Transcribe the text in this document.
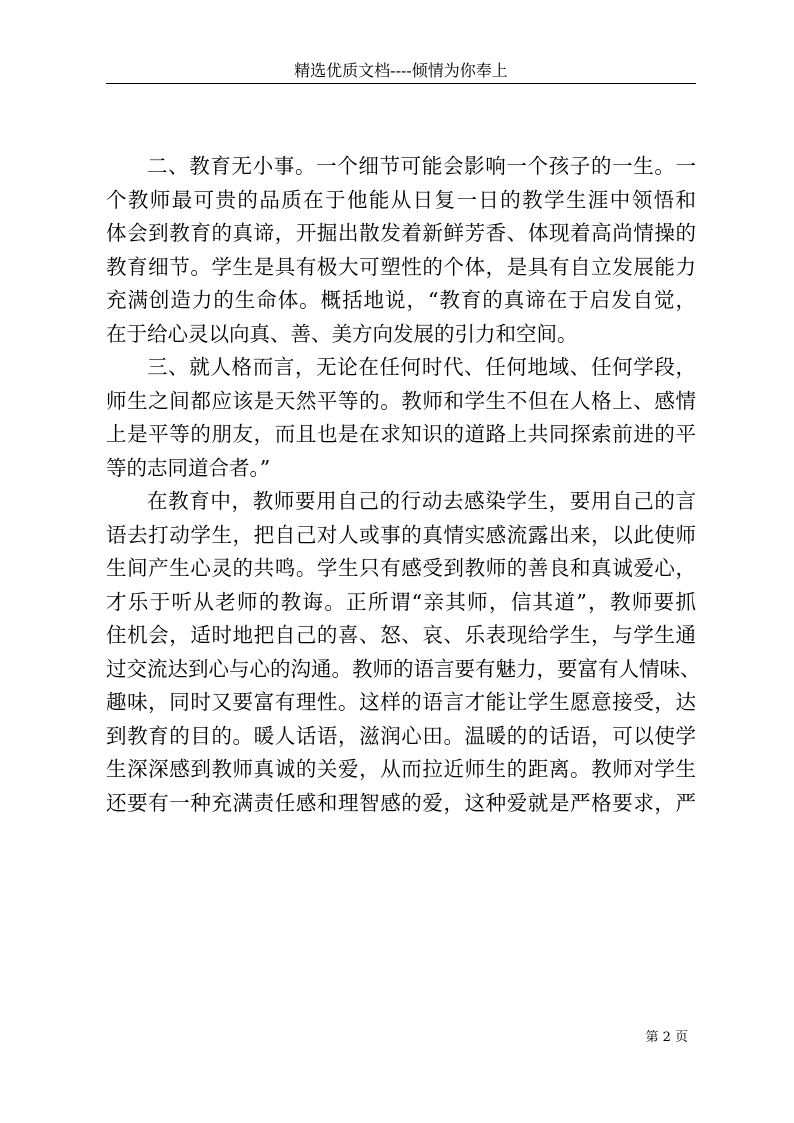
精选优质文档----倾情为你奉上
二、教育无小事。一个细节可能会影响一个孩子的一生。一
个教师最可贵的品质在于他能从日复一日的教学生涯中领悟和
体会到教育的真谛，开掘出散发着新鲜芳香、体现着高尚情操的
教育细节。学生是具有极大可塑性的个体，是具有自立发展能力
充满创造力的生命体。概括地说，“教育的真谛在于启发自觉，
在于给心灵以向真、善、美方向发展的引力和空间。
三、就人格而言，无论在任何时代、任何地域、任何学段，
师生之间都应该是天然平等的。教师和学生不但在人格上、感情
上是平等的朋友，而且也是在求知识的道路上共同探索前进的平
等的志同道合者。”
在教育中，教师要用自己的行动去感染学生，要用自己的言
语去打动学生，把自己对人或事的真情实感流露出来，以此使师
生间产生心灵的共鸣。学生只有感受到教师的善良和真诚爱心，
才乐于听从老师的教诲。正所谓“亲其师，信其道”，教师要抓
住机会，适时地把自己的喜、怒、哀、乐表现给学生，与学生通
过交流达到心与心的沟通。教师的语言要有魅力，要富有人情味、
趣味，同时又要富有理性。这样的语言才能让学生愿意接受，达
到教育的目的。暖人话语，滋润心田。温暖的的话语，可以使学
生深深感到教师真诚的关爱，从而拉近师生的距离。教师对学生
还要有一种充满责任感和理智感的爱，这种爱就是严格要求，严
第 2 页
